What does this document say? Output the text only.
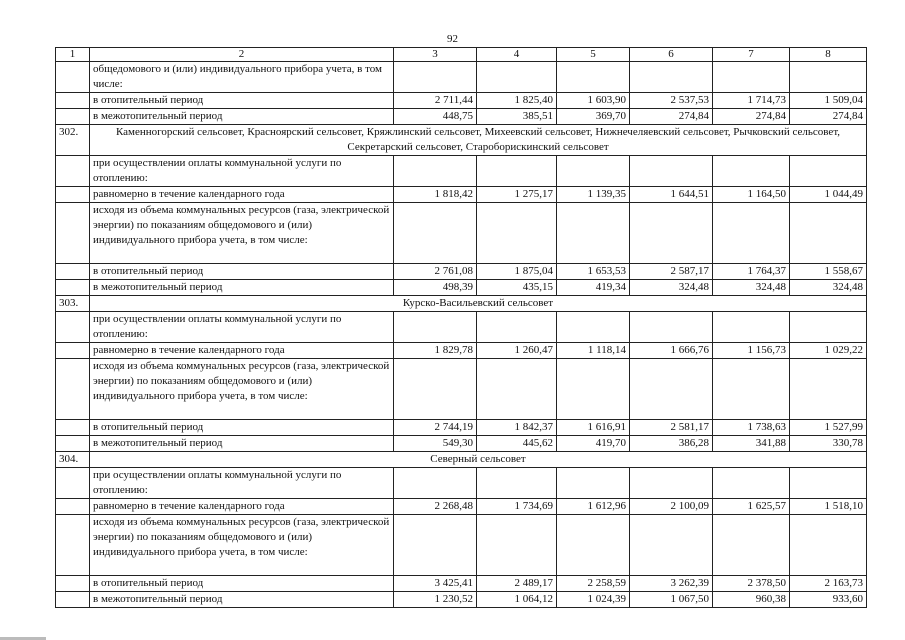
92
1	2	3	4	5	6	7	8
	общедомового и (или) индивидуального прибора учета, в том числе:						
	в отопительный период	2 711,44	1 825,40	1 603,90	2 537,53	1 714,73	1 509,04
	в межотопительный период	448,75	385,51	369,70	274,84	274,84	274,84
302.	Каменногорский сельсовет, Красноярский сельсовет, Кряжлинский сельсовет, Михеевский сельсовет, Нижнечеляевский сельсовет, Рычковский сельсовет, Секретарский сельсовет, Староборискинский сельсовет						
	при осуществлении оплаты коммунальной услуги по отоплению:						
	равномерно в течение календарного года	1 818,42	1 275,17	1 139,35	1 644,51	1 164,50	1 044,49
	исходя из объема коммунальных ресурсов (газа, электрической энергии) по показаниям общедомового и (или) индивидуального прибора учета, в том числе:						
	в отопительный период	2 761,08	1 875,04	1 653,53	2 587,17	1 764,37	1 558,67
	в межотопительный период	498,39	435,15	419,34	324,48	324,48	324,48
303.	Курско-Васильевский сельсовет						
	при осуществлении оплаты коммунальной услуги по отоплению:						
	равномерно в течение календарного года	1 829,78	1 260,47	1 118,14	1 666,76	1 156,73	1 029,22
	исходя из объема коммунальных ресурсов (газа, электрической энергии) по показаниям общедомового и (или) индивидуального прибора учета, в том числе:						
	в отопительный период	2 744,19	1 842,37	1 616,91	2 581,17	1 738,63	1 527,99
	в межотопительный период	549,30	445,62	419,70	386,28	341,88	330,78
304.	Северный сельсовет						
	при осуществлении оплаты коммунальной услуги по отоплению:						
	равномерно в течение календарного года	2 268,48	1 734,69	1 612,96	2 100,09	1 625,57	1 518,10
	исходя из объема коммунальных ресурсов (газа, электрической энергии) по показаниям общедомового и (или) индивидуального прибора учета, в том числе:						
	в отопительный период	3 425,41	2 489,17	2 258,59	3 262,39	2 378,50	2 163,73
	в межотопительный период	1 230,52	1 064,12	1 024,39	1 067,50	960,38	933,60
